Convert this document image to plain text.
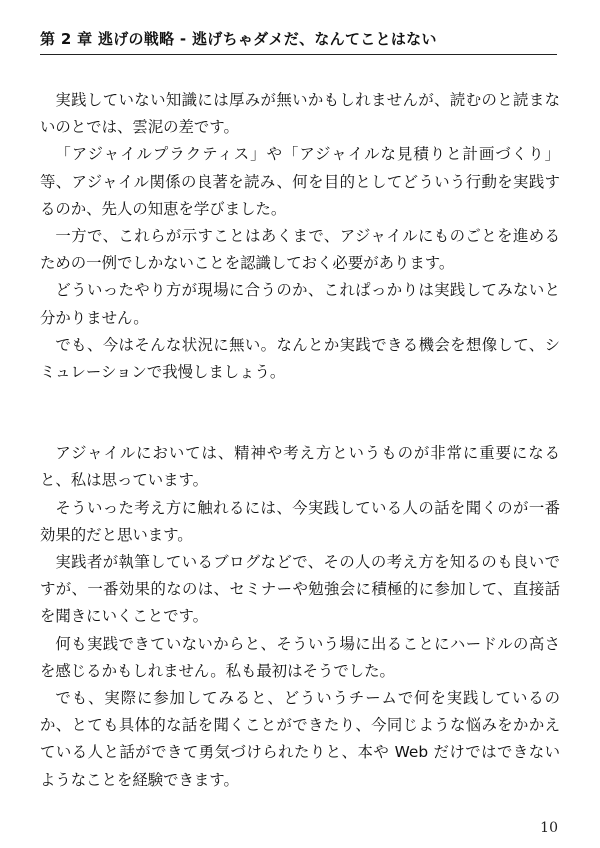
第 2 章 逃げの戦略 - 逃げちゃダメだ、なんてことはない

実践していない知識には厚みが無いかもしれませんが、読むのと読まないのとでは、雲泥の差です。

「アジャイルプラクティス」や「アジャイルな見積りと計画づくり」等、アジャイル関係の良著を読み、何を目的としてどういう行動を実践するのか、先人の知恵を学びました。

一方で、これらが示すことはあくまで、アジャイルにものごとを進めるための一例でしかないことを認識しておく必要があります。

どういったやり方が現場に合うのか、これぱっかりは実践してみないと分かりません。

でも、今はそんな状況に無い。なんとか実践できる機会を想像して、シミュレーションで我慢しましょう。

アジャイルにおいては、精神や考え方というものが非常に重要になると、私は思っています。

そういった考え方に触れるには、今実践している人の話を聞くのが一番効果的だと思います。

実践者が執筆しているブログなどで、その人の考え方を知るのも良いですが、一番効果的なのは、セミナーや勉強会に積極的に参加して、直接話を聞きにいくことです。

何も実践できていないからと、そういう場に出ることにハードルの高さを感じるかもしれません。私も最初はそうでした。

でも、実際に参加してみると、どういうチームで何を実践しているのか、とても具体的な話を聞くことができたり、今同じような悩みをかかえている人と話ができて勇気づけられたりと、本や Web だけではできないようなことを経験できます。

10
